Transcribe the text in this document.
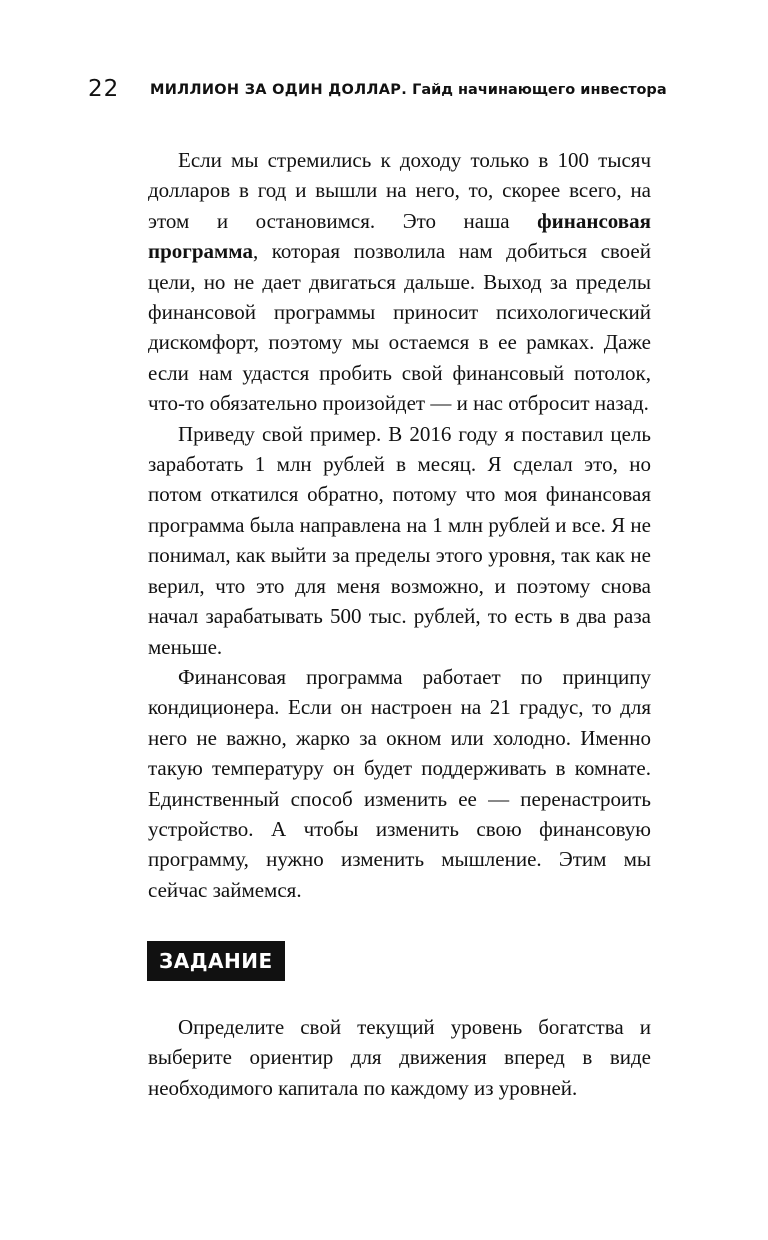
22 МИЛЛИОН ЗА ОДИН ДОЛЛАР. Гайд начинающего инвестора

Если мы стремились к доходу только в 100 тысяч долларов в год и вышли на него, то, скорее всего, на этом и остановимся. Это наша финансовая программа, которая позволила нам добиться своей цели, но не дает двигаться дальше. Выход за пределы финансовой программы приносит психологический дискомфорт, поэтому мы остаемся в ее рамках. Даже если нам удастся пробить свой финансовый потолок, что-то обязательно произойдет — и нас отбросит назад.

Приведу свой пример. В 2016 году я поставил цель заработать 1 млн рублей в месяц. Я сделал это, но потом откатился обратно, потому что моя финансовая программа была направлена на 1 млн рублей и все. Я не понимал, как выйти за пределы этого уровня, так как не верил, что это для меня возможно, и поэтому снова начал зарабатывать 500 тыс. рублей, то есть в два раза меньше.

Финансовая программа работает по принципу кондиционера. Если он настроен на 21 градус, то для него не важно, жарко за окном или холодно. Именно такую температуру он будет поддерживать в комнате. Единственный способ изменить ее — перенастроить устройство. А чтобы изменить свою финансовую программу, нужно изменить мышление. Этим мы сейчас займемся.

ЗАДАНИЕ

Определите свой текущий уровень богатства и выберите ориентир для движения вперед в виде необходимого капитала по каждому из уровней.
